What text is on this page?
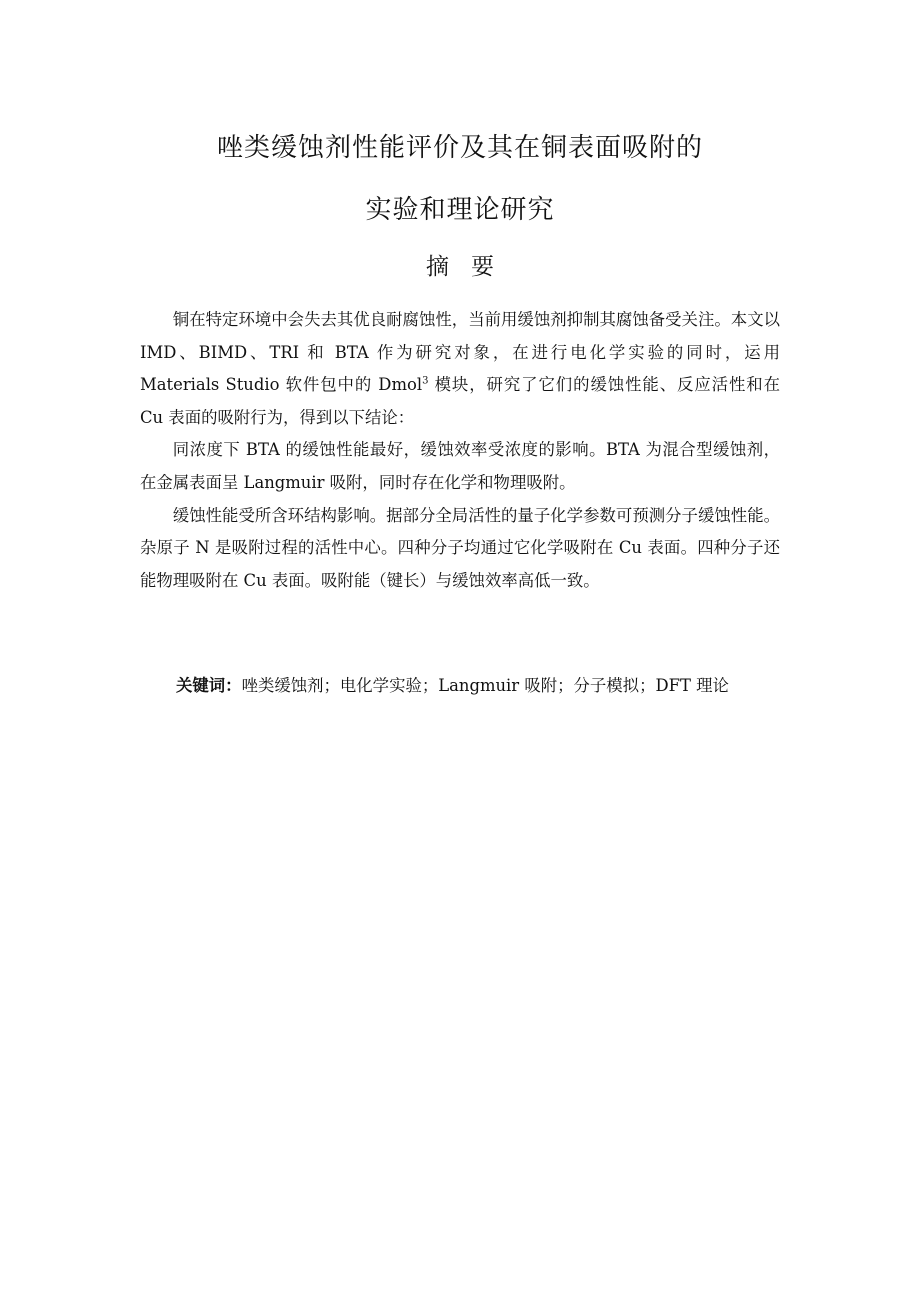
唑类缓蚀剂性能评价及其在铜表面吸附的
实验和理论研究
摘要

铜在特定环境中会失去其优良耐腐蚀性，当前用缓蚀剂抑制其腐蚀备受关注。本文以 IMD、BIMD、TRI 和 BTA 作为研究对象，在进行电化学实验的同时，运用 Materials Studio 软件包中的 Dmol$^3$ 模块，研究了它们的缓蚀性能、反应活性和在 Cu 表面的吸附行为，得到以下结论：

同浓度下 BTA 的缓蚀性能最好，缓蚀效率受浓度的影响。BTA 为混合型缓蚀剂，在金属表面呈 Langmuir 吸附，同时存在化学和物理吸附。

缓蚀性能受所含环结构影响。据部分全局活性的量子化学参数可预测分子缓蚀性能。杂原子 N 是吸附过程的活性中心。四种分子均通过它化学吸附在 Cu 表面。四种分子还能物理吸附在 Cu 表面。吸附能（键长）与缓蚀效率高低一致。

关键词：唑类缓蚀剂；电化学实验；Langmuir 吸附；分子模拟；DFT 理论
